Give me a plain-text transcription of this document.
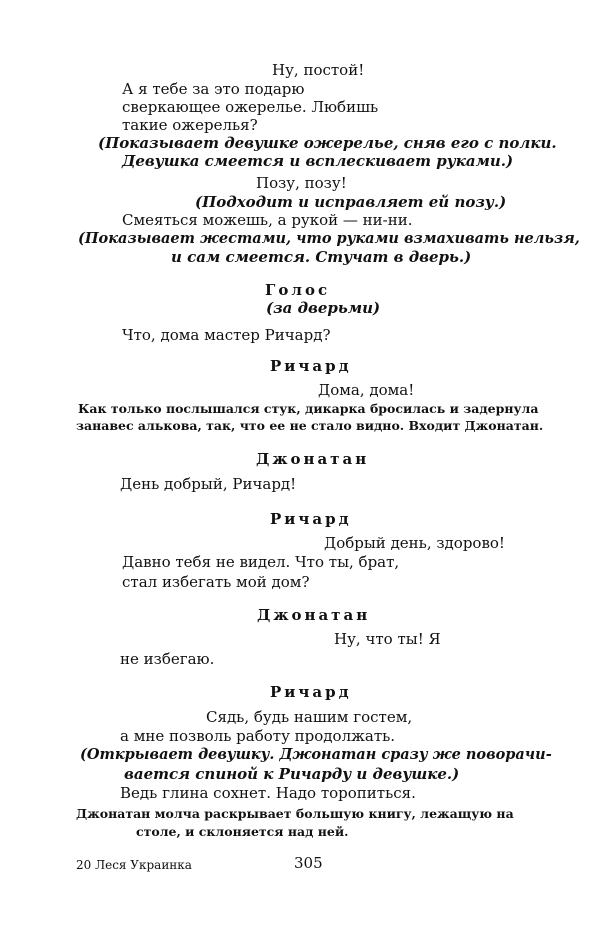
Ну, постой!
А я тебе за это подарю
сверкающее ожерелье. Любишь
такие ожерелья?
(Показывает девушке ожерелье, сняв его с полки.
Девушка смеется и всплескивает руками.)
Позу, позу!
(Подходит и исправляет ей позу.)
Смеяться можешь, а рукой — ни-ни.
(Показывает жестами, что руками взмахивать нельзя,
и сам смеется. Стучат в дверь.)
Голос
(за дверьми)
Что, дома мастер Ричард?
Ричард
Дома, дома!
Как только послышался стук, дикарка бросилась и задернула
занавес алькова, так, что ее не стало видно. Входит Джонатан.
Джонатан
День добрый, Ричард!
Ричард
Добрый день, здорово!
Давно тебя не видел. Что ты, брат,
стал избегать мой дом?
Джонатан
Ну, что ты! Я
не избегаю.
Ричард
Сядь, будь нашим гостем,
а мне позволь работу продолжать.
(Открывает девушку. Джонатан сразу же поворачи-
вается спиной к Ричарду и девушке.)
Ведь глина сохнет. Надо торопиться.
Джонатан молча раскрывает большую книгу, лежащую на
столе, и склоняется над ней.
20 Леся Украинка	305
